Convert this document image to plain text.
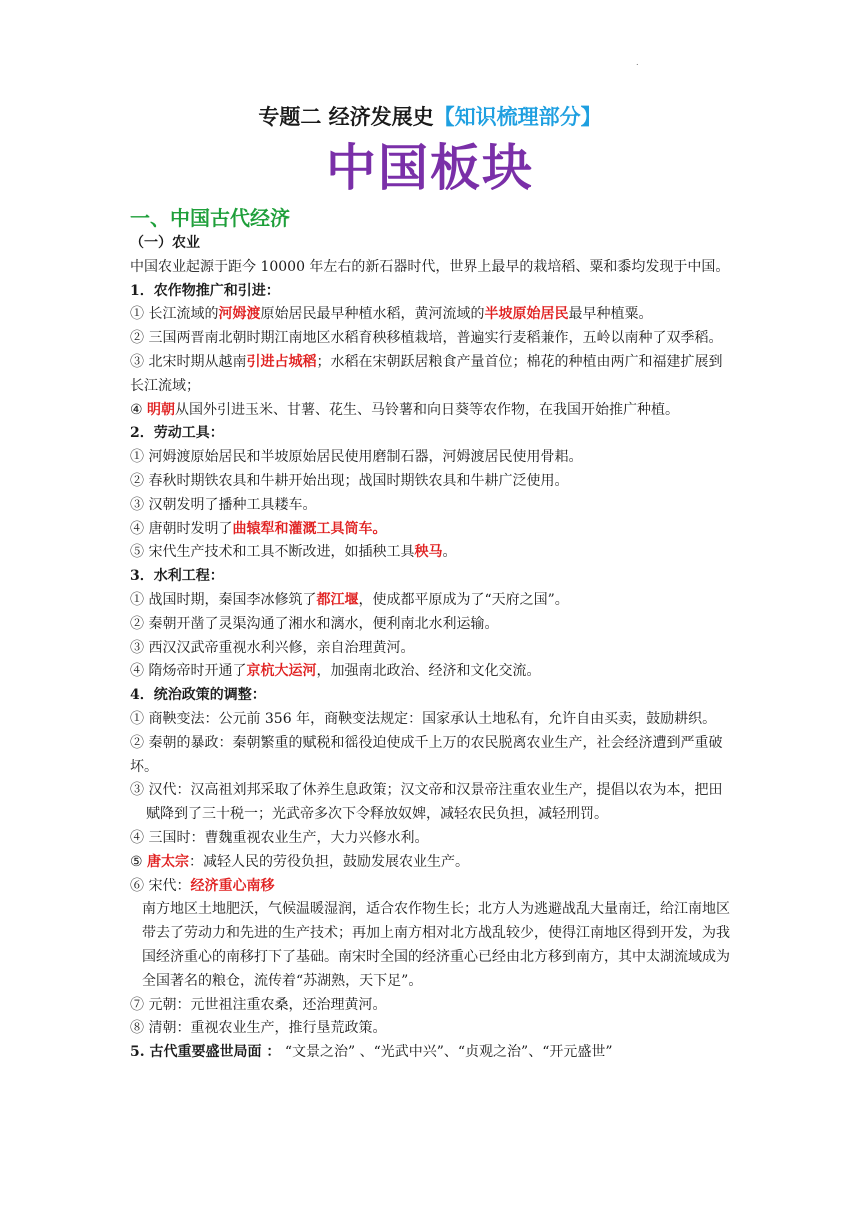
.
专题二 经济发展史【知识梳理部分】
中国板块
一、中国古代经济
（一）农业
中国农业起源于距今 10000 年左右的新石器时代，世界上最早的栽培稻、粟和黍均发现于中国。
1．农作物推广和引进：
① 长江流域的河姆渡原始居民最早种植水稻，黄河流域的半坡原始居民最早种植粟。
② 三国两晋南北朝时期江南地区水稻育秧移植栽培，普遍实行麦稻兼作，五岭以南种了双季稻。
③ 北宋时期从越南引进占城稻；水稻在宋朝跃居粮食产量首位；棉花的种植由两广和福建扩展到长江流域；
④ 明朝从国外引进玉米、甘薯、花生、马铃薯和向日葵等农作物，在我国开始推广种植。
2．劳动工具：
① 河姆渡原始居民和半坡原始居民使用磨制石器，河姆渡居民使用骨耜。
② 春秋时期铁农具和牛耕开始出现；战国时期铁农具和牛耕广泛使用。
③ 汉朝发明了播种工具耧车。
④ 唐朝时发明了曲辕犁和灌溉工具筒车。
⑤ 宋代生产技术和工具不断改进，如插秧工具秧马。
3．水利工程：
① 战国时期，秦国李冰修筑了都江堰，使成都平原成为了“天府之国”。
② 秦朝开凿了灵渠沟通了湘水和漓水，便利南北水利运输。
③ 西汉汉武帝重视水利兴修，亲自治理黄河。
④ 隋炀帝时开通了京杭大运河，加强南北政治、经济和文化交流。
4．统治政策的调整：
① 商鞅变法：公元前 356 年，商鞅变法规定：国家承认土地私有，允许自由买卖，鼓励耕织。
② 秦朝的暴政：秦朝繁重的赋税和徭役迫使成千上万的农民脱离农业生产，社会经济遭到严重破坏。
③ 汉代：汉高祖刘邦采取了休养生息政策；汉文帝和汉景帝注重农业生产，提倡以农为本，把田赋降到了三十税一；光武帝多次下令释放奴婢，减轻农民负担，减轻刑罚。
④ 三国时：曹魏重视农业生产，大力兴修水利。
⑤ 唐太宗：减轻人民的劳役负担，鼓励发展农业生产。
⑥ 宋代：经济重心南移
南方地区土地肥沃，气候温暖湿润，适合农作物生长；北方人为逃避战乱大量南迁，给江南地区带去了劳动力和先进的生产技术；再加上南方相对北方战乱较少，使得江南地区得到开发，为我国经济重心的南移打下了基础。南宋时全国的经济重心已经由北方移到南方，其中太湖流域成为全国著名的粮仓，流传着“苏湖熟，天下足”。
⑦ 元朝：元世祖注重农桑，还治理黄河。
⑧ 清朝：重视农业生产，推行垦荒政策。
5. 古代重要盛世局面 ： “文景之治” 、“光武中兴”、“贞观之治”、“开元盛世”
